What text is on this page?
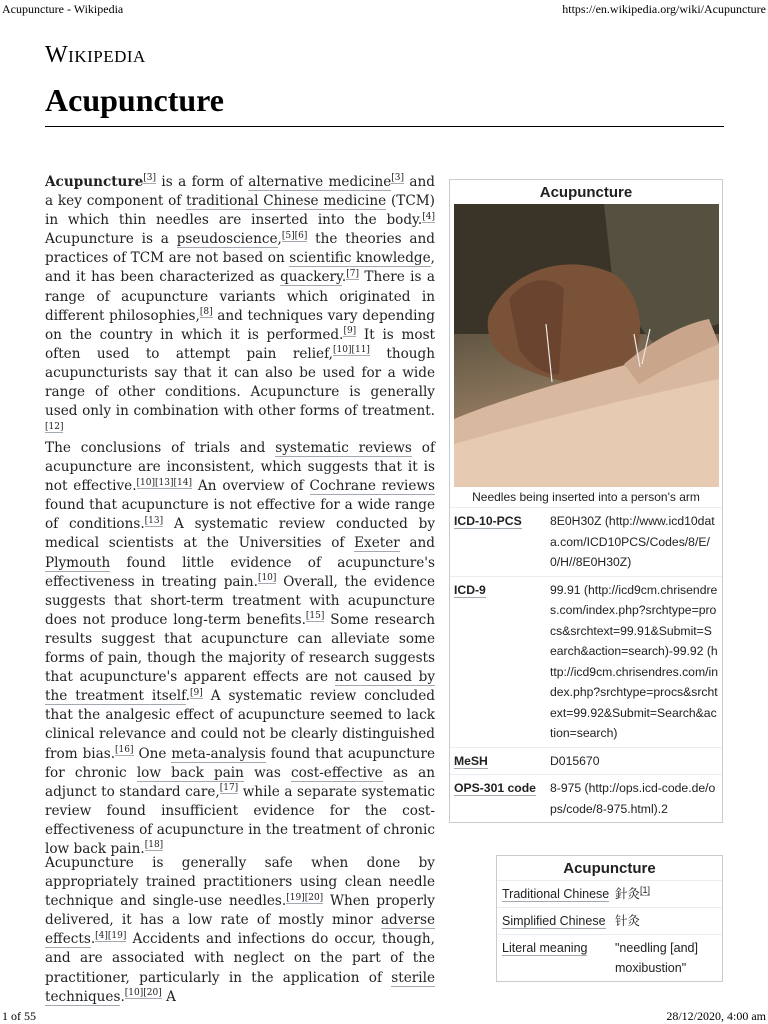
Acupuncture - Wikipedia	https://en.wikipedia.org/wiki/Acupuncture
Wikipedia
Acupuncture

Acupuncture[3] is a form of alternative medicine[3] and a key component of traditional Chinese medicine (TCM) in which thin needles are inserted into the body.[4] Acupuncture is a pseudoscience,[5][6] the theories and practices of TCM are not based on scientific knowledge, and it has been characterized as quackery.[7] There is a range of acupuncture variants which originated in different philosophies,[8] and techniques vary depending on the country in which it is performed.[9] It is most often used to attempt pain relief,[10][11] though acupuncturists say that it can also be used for a wide range of other conditions. Acupuncture is generally used only in combination with other forms of treatment.[12]

The conclusions of trials and systematic reviews of acupuncture are inconsistent, which suggests that it is not effective.[10][13][14] An overview of Cochrane reviews found that acupuncture is not effective for a wide range of conditions.[13] A systematic review conducted by medical scientists at the Universities of Exeter and Plymouth found little evidence of acupuncture's effectiveness in treating pain.[10] Overall, the evidence suggests that short-term treatment with acupuncture does not produce long-term benefits.[15] Some research results suggest that acupuncture can alleviate some forms of pain, though the majority of research suggests that acupuncture's apparent effects are not caused by the treatment itself.[9] A systematic review concluded that the analgesic effect of acupuncture seemed to lack clinical relevance and could not be clearly distinguished from bias.[16] One meta-analysis found that acupuncture for chronic low back pain was cost-effective as an adjunct to standard care,[17] while a separate systematic review found insufficient evidence for the cost-effectiveness of acupuncture in the treatment of chronic low back pain.[18]

Acupuncture is generally safe when done by appropriately trained practitioners using clean needle technique and single-use needles.[19][20] When properly delivered, it has a low rate of mostly minor adverse effects.[4][19] Accidents and infections do occur, though, and are associated with neglect on the part of the practitioner, particularly in the application of sterile techniques.[10][20] A

Acupuncture
Needles being inserted into a person's arm
ICD-10-PCS	8E0H30Z (http://www.icd10data.com/ICD10PCS/Codes/8/E/0/H//8E0H30Z)
ICD-9	99.91 (http://icd9cm.chrisendres.com/index.php?srchtype=procs&srchtext=99.91&Submit=Search&action=search)-99.92 (http://icd9cm.chrisendres.com/index.php?srchtype=procs&srchtext=99.92&Submit=Search&action=search)
MeSH	D015670
OPS-301 code	8-975 (http://ops.icd-code.de/ops/code/8-975.html).2
Acupuncture
Traditional Chinese 針灸[1]
Simplified Chinese 针灸
Literal meaning	"needling [and] moxibustion"
1 of 55	28/12/2020, 4:00 am
